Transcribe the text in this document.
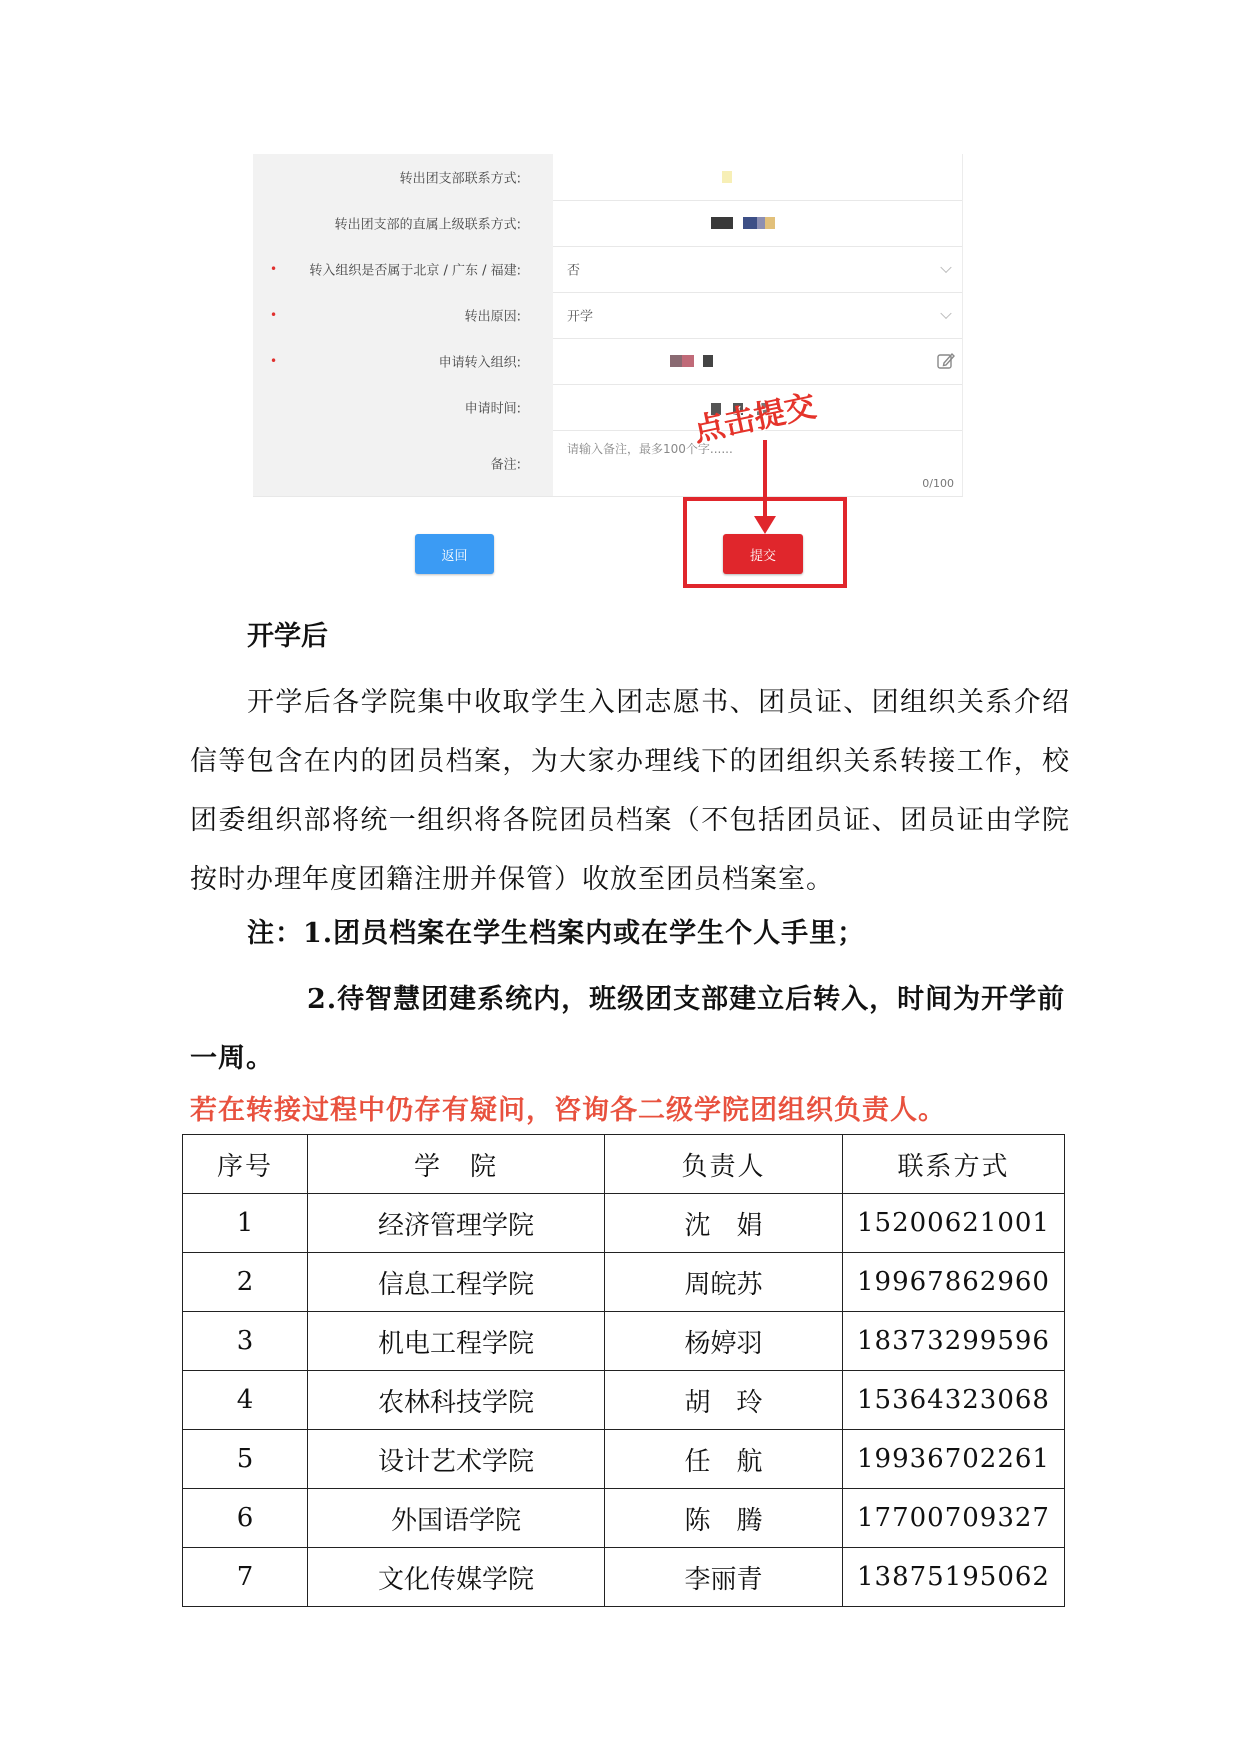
转出团支部联系方式:
转出团支部的直属上级联系方式:
• 转入组织是否属于北京 / 广东 / 福建:	否
•	转出原因:	开学
•	申请转入组织:
申请时间:
备注:
请输入备注，最多100个字......
0/100
返回	提交
点击提交
开学后
开学后各学院集中收取学生入团志愿书、团员证、团组织关系介绍信等包含在内的团员档案，为大家办理线下的团组织关系转接工作，校团委组织部将统一组织将各院团员档案（不包括团员证、团员证由学院按时办理年度团籍注册并保管）收放至团员档案室。
注：1.团员档案在学生档案内或在学生个人手里；
2.待智慧团建系统内，班级团支部建立后转入，时间为开学前一周。
若在转接过程中仍存有疑问，咨询各二级学院团组织负责人。
序号	学　院	负责人	联系方式
1	经济管理学院	沈　娟	15200621001
2	信息工程学院	周皖苏	19967862960
3	机电工程学院	杨婷羽	18373299596
4	农林科技学院	胡　玲	15364323068
5	设计艺术学院	任　航	19936702261
6	外国语学院	陈　腾	17700709327
7	文化传媒学院	李丽青	13875195062
